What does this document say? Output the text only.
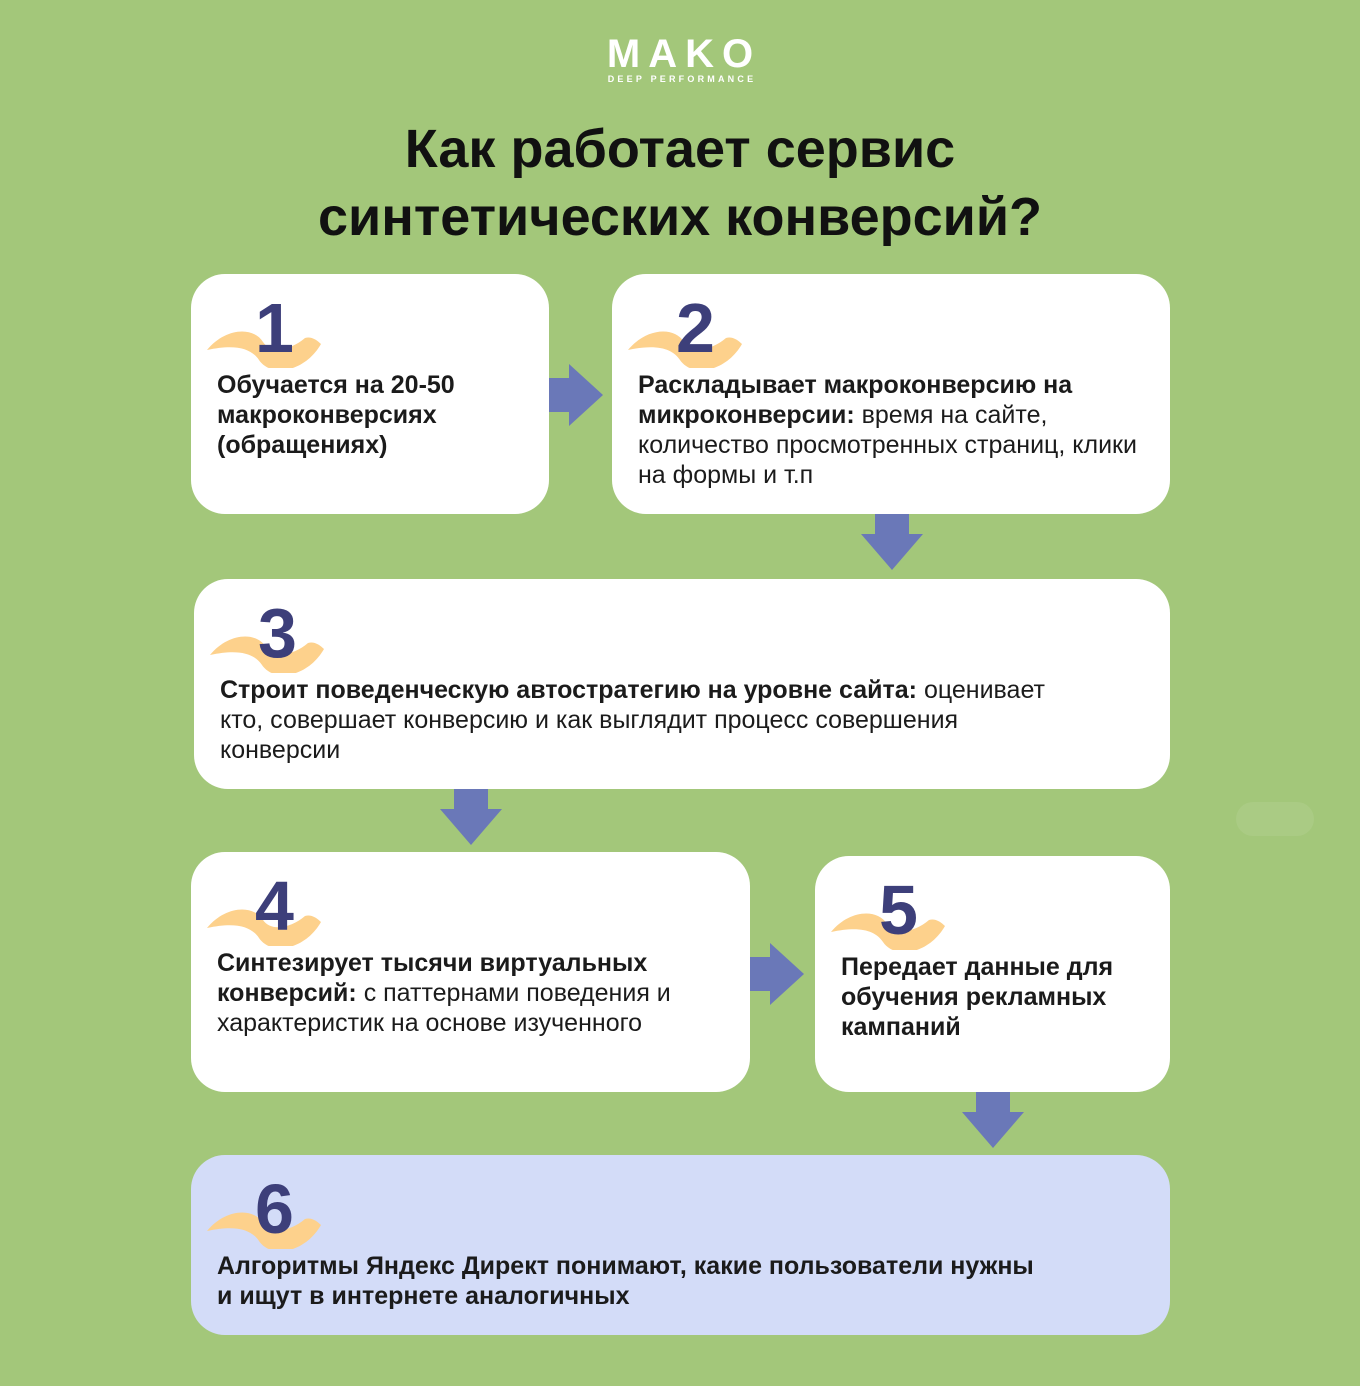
MAKO
DEEP PERFORMANCE
Как работает сервис
синтетических конверсий?
1
Обучается на 20-50 макроконверсиях (обращениях)
2
Раскладывает макроконверсию на микроконверсии: время на сайте, количество просмотренных страниц, клики на формы и т.п
3
Строит поведенческую автостратегию на уровне сайта: оценивает кто, совершает конверсию и как выглядит процесс совершения конверсии
4
Синтезирует тысячи виртуальных конверсий: с паттернами поведения и характеристик на основе изученного
5
Передает данные для обучения рекламных кампаний
6
Алгоритмы Яндекс Директ понимают, какие пользователи нужны и ищут в интернете аналогичных
